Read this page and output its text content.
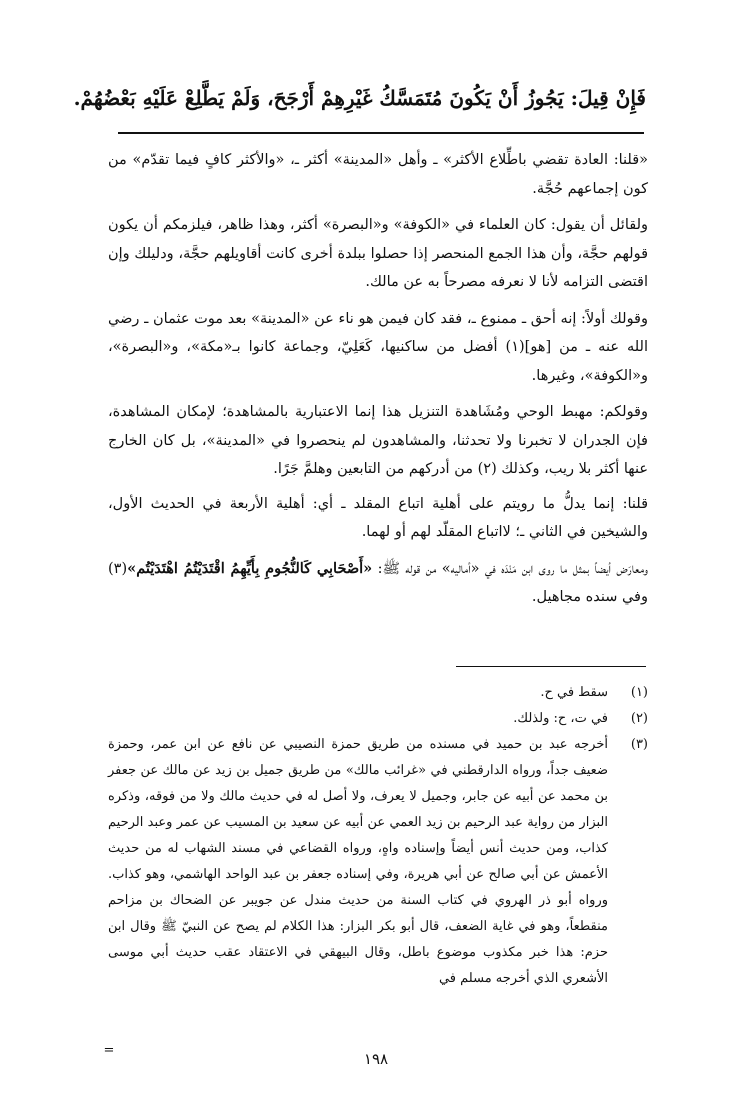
فَإِنْ قِيلَ: يَجُوزُ أَنْ يَكُونَ مُتَمَسَّكُ غَيْرِهِمْ أَرْجَحَ، وَلَمْ يَطَّلِعْ عَلَيْهِ بَعْضُهُمْ.

«قلنا: العادة تقضي باطِّلاع الأكثر» ـ وأهل «المدينة» أكثر ـ، «والأكثر كافٍ فيما تقدّم» من كون إجماعهم حُجَّة.

ولقائل أن يقول: كان العلماء في «الكوفة» و«البصرة» أكثر، وهذا ظاهر، فيلزمكم أن يكون قولهم حجَّة، وأن هذا الجمع المنحصر إذا حصلوا ببلدة أخرى كانت أقاويلهم حجَّة، ودليلك وإن اقتضى التزامه لأنا لا نعرفه مصرحاً به عن مالك.

وقولك أولاً: إنه أحق ـ ممنوع ـ، فقد كان فيمن هو ناء عن «المدينة» بعد موت عثمان ـ رضي الله عنه ـ من [هو](١) أفضل من ساكنيها، كَعَلِيّ، وجماعة كانوا بـ«مكة»، و«البصرة»، و«الكوفة»، وغيرها.

وقولكم: مهبط الوحي ومُشَاهدة التنزيل هذا إنما الاعتبارية بالمشاهدة؛ لإمكان المشاهدة، فإن الجدران لا تخبرنا ولا تحدثنا، والمشاهدون لم ينحصروا في «المدينة»، بل كان الخارج عنها أكثر بلا ريب، وكذلك (٢) من أدركهم من التابعين وهلمَّ جَرًا.

قلنا: إنما يدلُّ ما رويتم على أهلية اتباع المقلد ـ أي: أهلية الأربعة في الحديث الأول، والشيخين في الثاني ـ؛ لااتباع المقلّد لهم أو لهما.

ومعارَض أيضاً بمثل ما روى ابن مَنْدَه في «أماليه» من قوله ﷺ: «أَصْحَابِي كَالنُّجُومِ بِأَيِّهِمُ اقْتَدَيْتُمُ اهْتَدَيْتُم»(٣) وفي سنده مجاهيل.

(١)
سقط في ح.
(٢)
في ت، ح: ولذلك.
(٣)
أخرجه عبد بن حميد في مسنده من طريق حمزة النصيبي عن نافع عن ابن عمر، وحمزة ضعيف جداً، ورواه الدارقطني في «غرائب مالك» من طريق جميل بن زيد عن مالك عن جعفر بن محمد عن أبيه عن جابر، وجميل لا يعرف، ولا أصل له في حديث مالك ولا من فوقه، وذكره البزار من رواية عبد الرحيم بن زيد العمي عن أبيه عن سعيد بن المسيب عن عمر وعبد الرحيم كذاب، ومن حديث أنس أيضاً وإسناده واهٍ، ورواه القضاعي في مسند الشهاب له من حديث الأعمش عن أبي صالح عن أبي هريرة، وفي إسناده جعفر بن عبد الواحد الهاشمي، وهو كذاب. ورواه أبو ذر الهروي في كتاب السنة من حديث مندل عن جويبر عن الضحاك بن مزاحم منقطعاً، وهو في غاية الضعف، قال أبو بكر البزار: هذا الكلام لم يصح عن النبيّ ﷺ وقال ابن حزم: هذا خبر مكذوب موضوع باطل، وقال البيهقي في الاعتقاد عقب حديث أبي موسى الأشعري الذي أخرجه مسلم في
=	١٩٨
